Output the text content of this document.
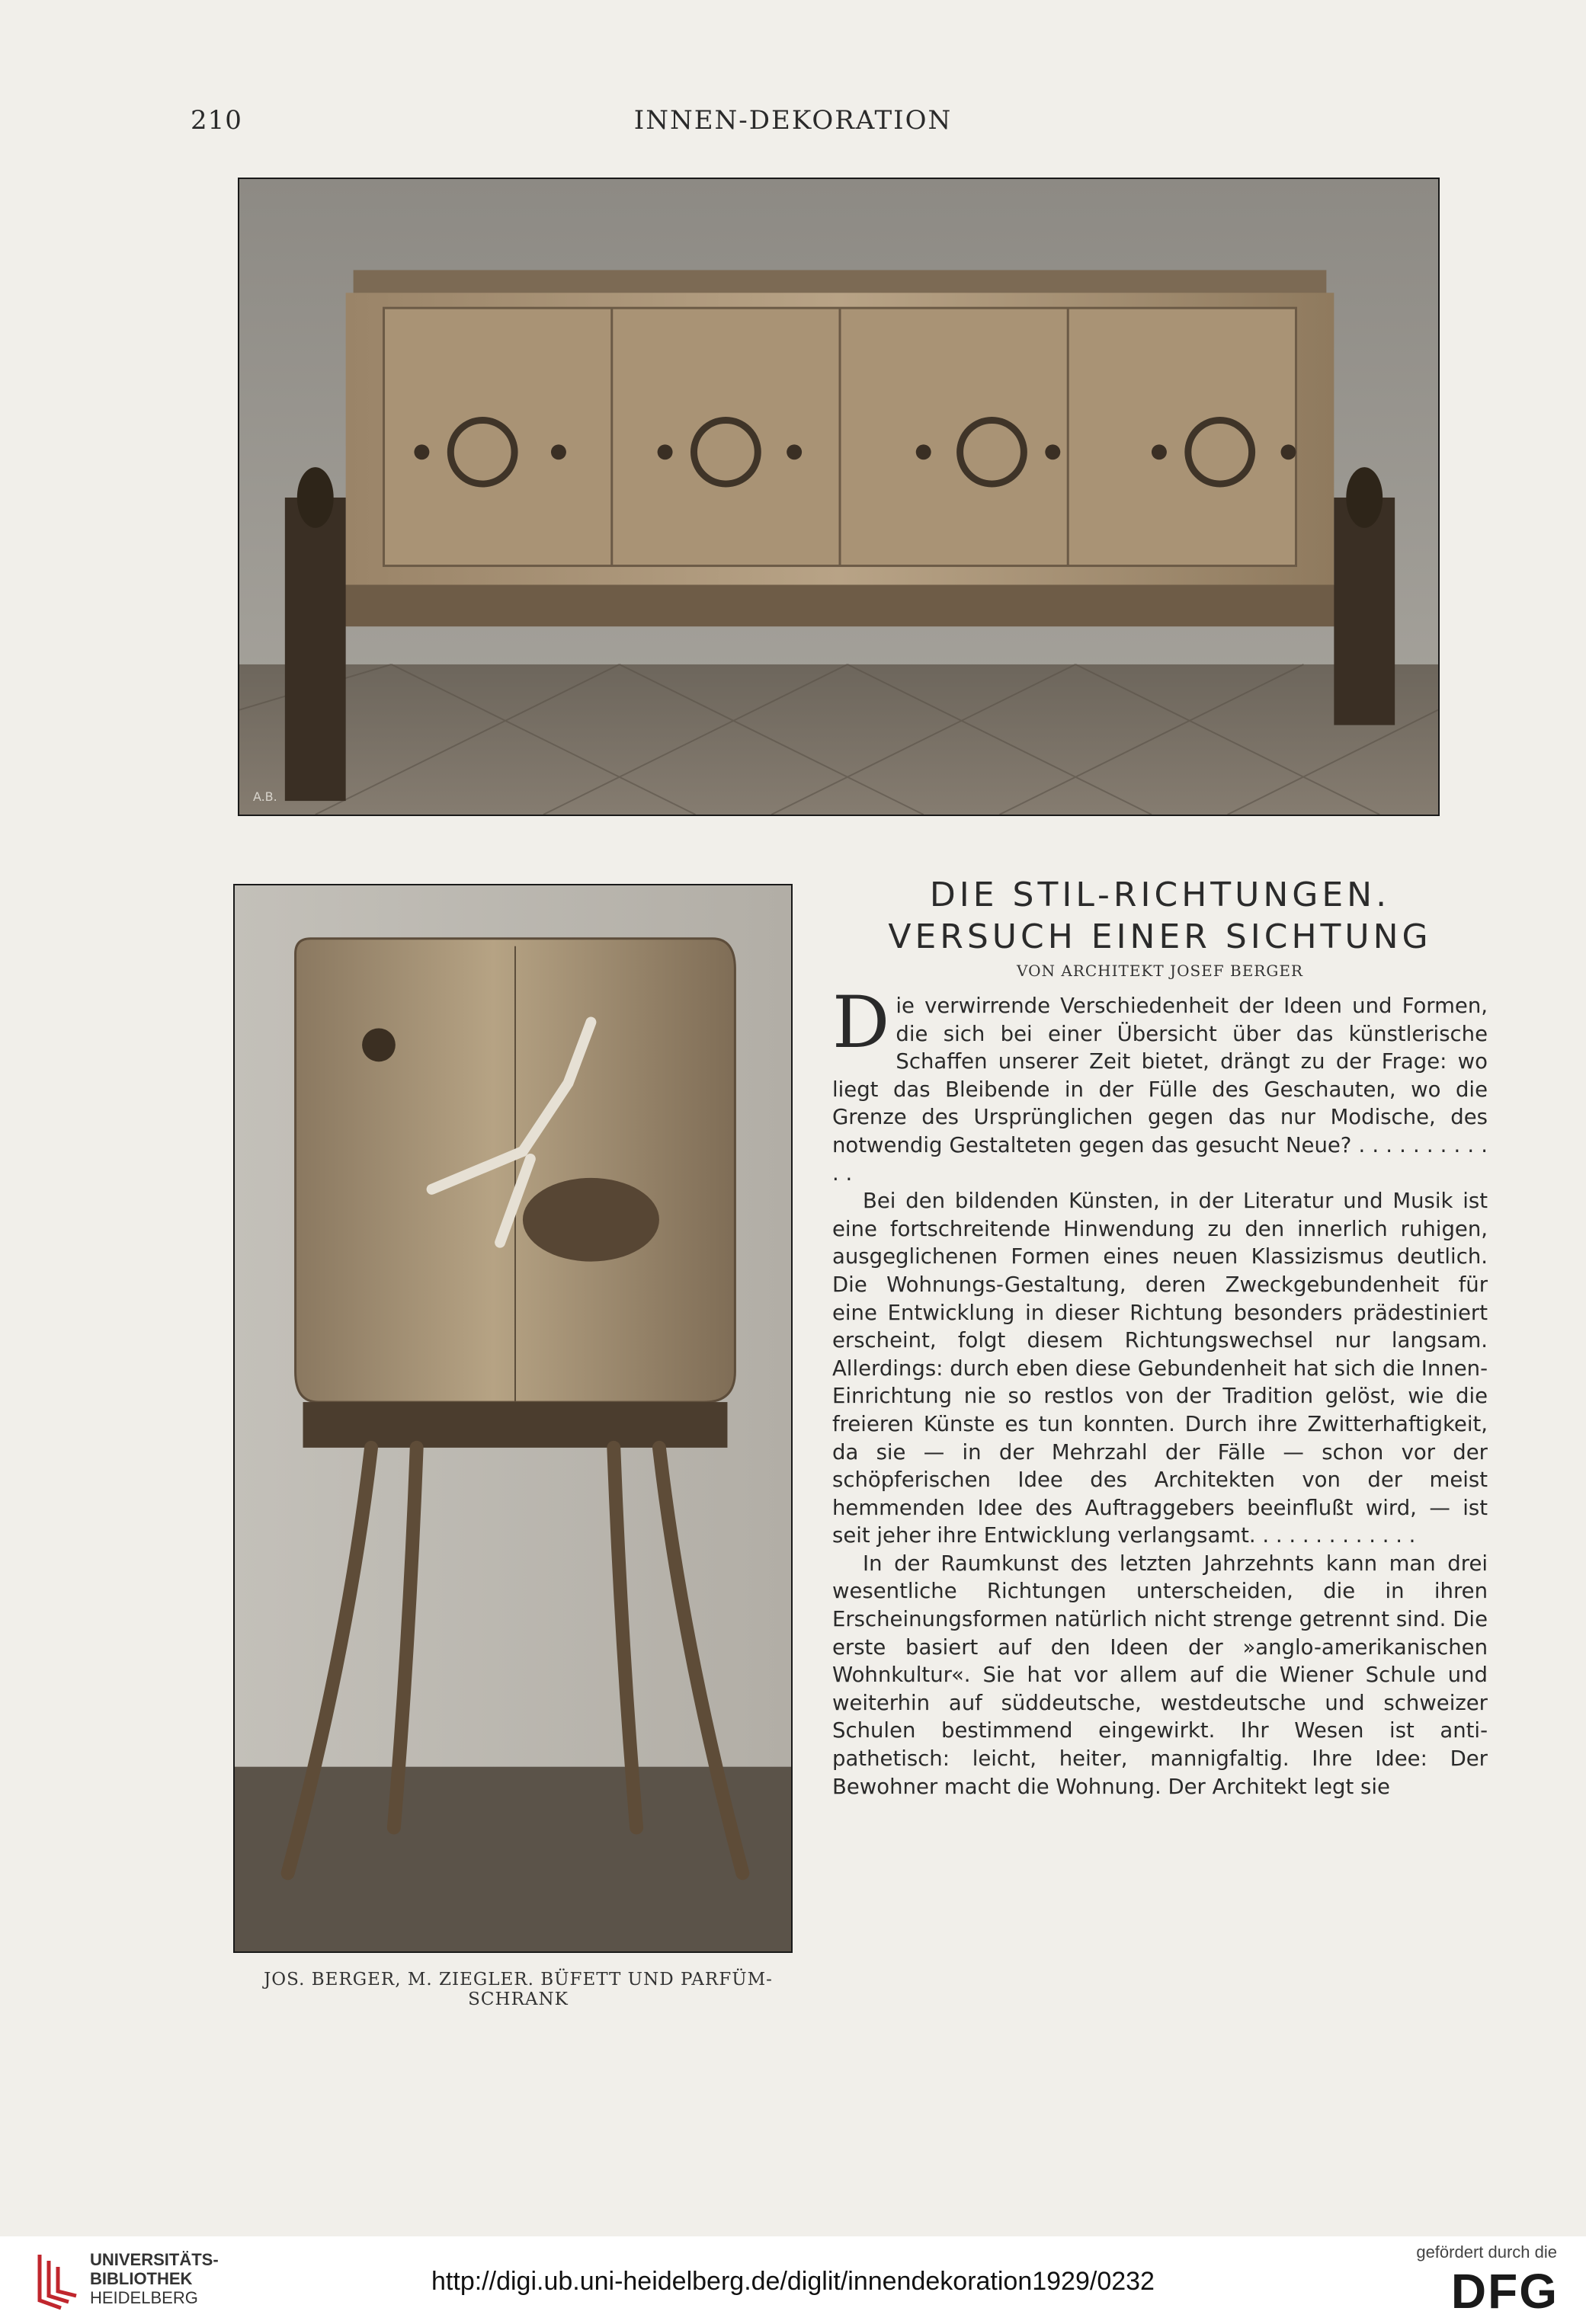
210	INNEN-DEKORATION
A.B.
JOS. BERGER, M. ZIEGLER. BÜFETT UND PARFÜM-SCHRANK
DIE STIL-RICHTUNGEN.
VERSUCH EINER SICHTUNG
VON ARCHITEKT JOSEF BERGER

Die verwirrende Verschiedenheit der Ideen und Formen, die sich bei einer Übersicht über das künstlerische Schaffen unserer Zeit bietet, drängt zu der Frage: wo liegt das Bleibende in der Fülle des Geschauten, wo die Grenze des Ursprünglichen gegen das nur Modische, des notwendig Gestalteten gegen das gesucht Neue? . . . . . . . . . . . .

Bei den bildenden Künsten, in der Literatur und Musik ist eine fortschreitende Hinwendung zu den innerlich ruhigen, ausgeglichenen Formen eines neuen Klassizismus deutlich. Die Wohnungs-Gestaltung, deren Zweckgebundenheit für eine Entwicklung in dieser Richtung besonders prädestiniert erscheint, folgt diesem Richtungswechsel nur langsam. Allerdings: durch eben diese Gebundenheit hat sich die Innen-Einrichtung nie so restlos von der Tradition gelöst, wie die freieren Künste es tun konnten. Durch ihre Zwitterhaftigkeit, da sie — in der Mehrzahl der Fälle — schon vor der schöpferischen Idee des Architekten von der meist hemmenden Idee des Auftraggebers beeinflußt wird, — ist seit jeher ihre Entwicklung verlangsamt. . . . . . . . . . . . .

In der Raumkunst des letzten Jahrzehnts kann man drei wesentliche Richtungen unterscheiden, die in ihren Erscheinungsformen natürlich nicht strenge getrennt sind. Die erste basiert auf den Ideen der »anglo-amerikanischen Wohnkultur«. Sie hat vor allem auf die Wiener Schule und weiterhin auf süddeutsche, westdeutsche und schweizer Schulen bestimmend eingewirkt. Ihr Wesen ist anti-pathetisch: leicht, heiter, mannigfaltig. Ihre Idee: Der Bewohner macht die Wohnung. Der Architekt legt sie

UNIVERSITÄTS-
BIBLIOTHEK
HEIDELBERG
http://digi.ub.uni-heidelberg.de/diglit/innendekoration1929/0232
gefördert durch die
DFG
